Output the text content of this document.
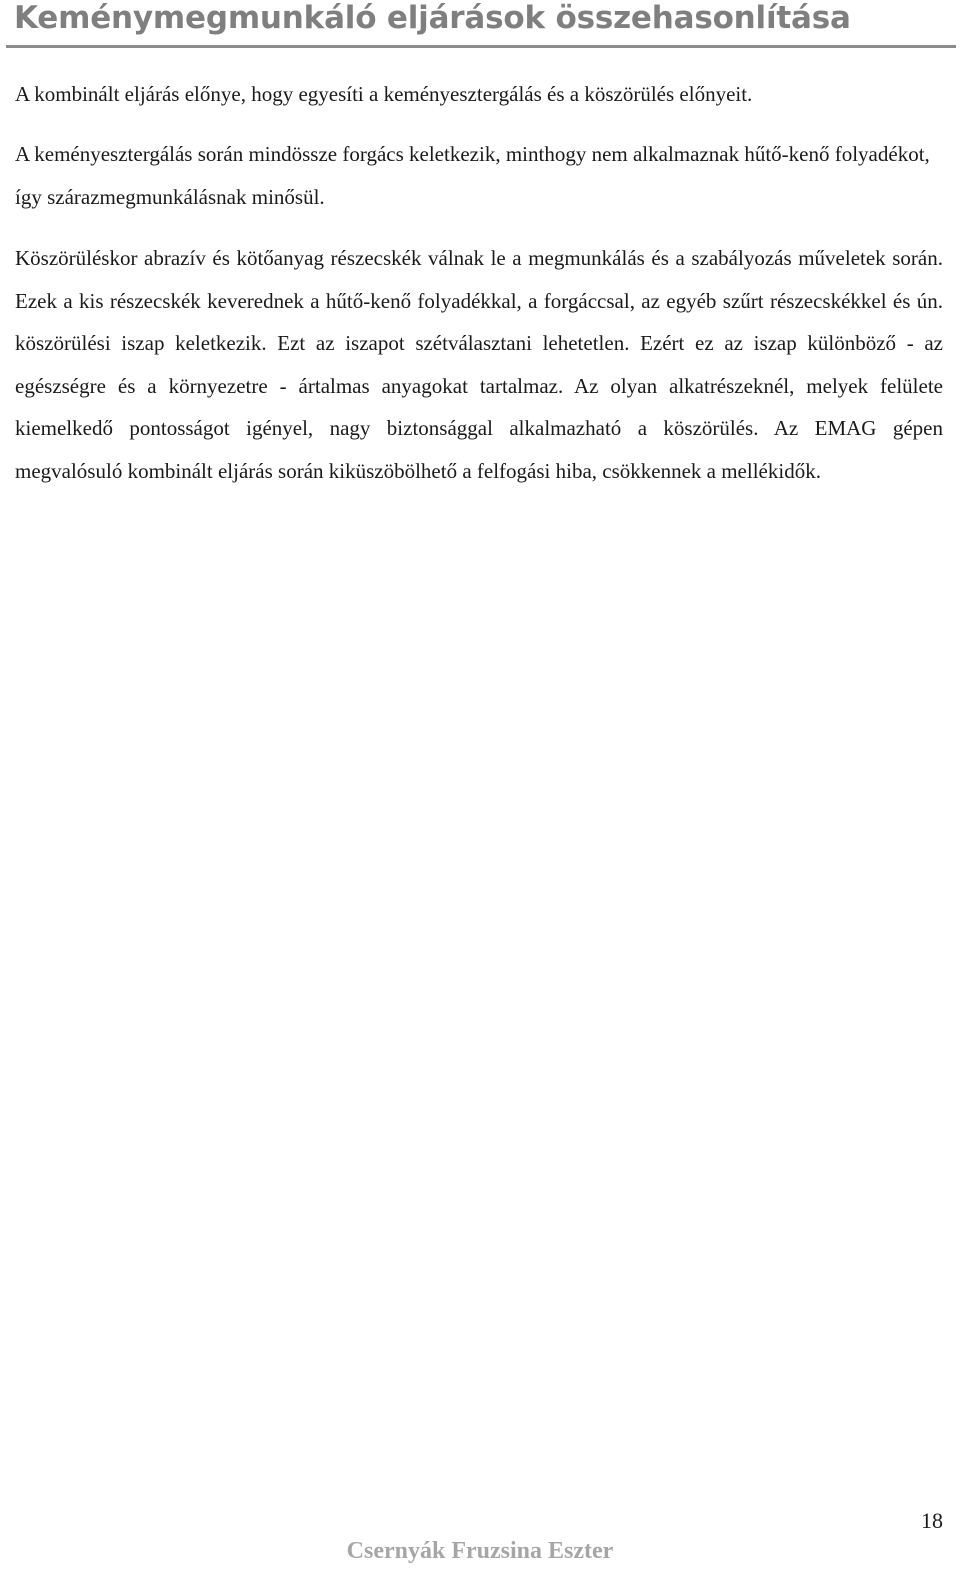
Keménymegmunkáló eljárások összehasonlítása

A kombinált eljárás előnye, hogy egyesíti a keményesztergálás és a köszörülés előnyeit.

A keményesztergálás során mindössze forgács keletkezik, minthogy nem alkalmaznak hűtő-kenő folyadékot, így szárazmegmunkálásnak minősül.

Köszörüléskor abrazív és kötőanyag részecskék válnak le a megmunkálás és a szabályozás műveletek során. Ezek a kis részecskék keverednek a hűtő-kenő folyadékkal, a forgáccsal, az egyéb szűrt részecskékkel és ún. köszörülési iszap keletkezik. Ezt az iszapot szétválasztani lehetetlen. Ezért ez az iszap különböző - az egészségre és a környezetre - ártalmas anyagokat tartalmaz. Az olyan alkatrészeknél, melyek felülete kiemelkedő pontosságot igényel, nagy biztonsággal alkalmazható a köszörülés. Az EMAG gépen megvalósuló kombinált eljárás során kiküszöbölhető a felfogási hiba, csökkennek a mellékidők.

18
Csernyák Fruzsina Eszter
